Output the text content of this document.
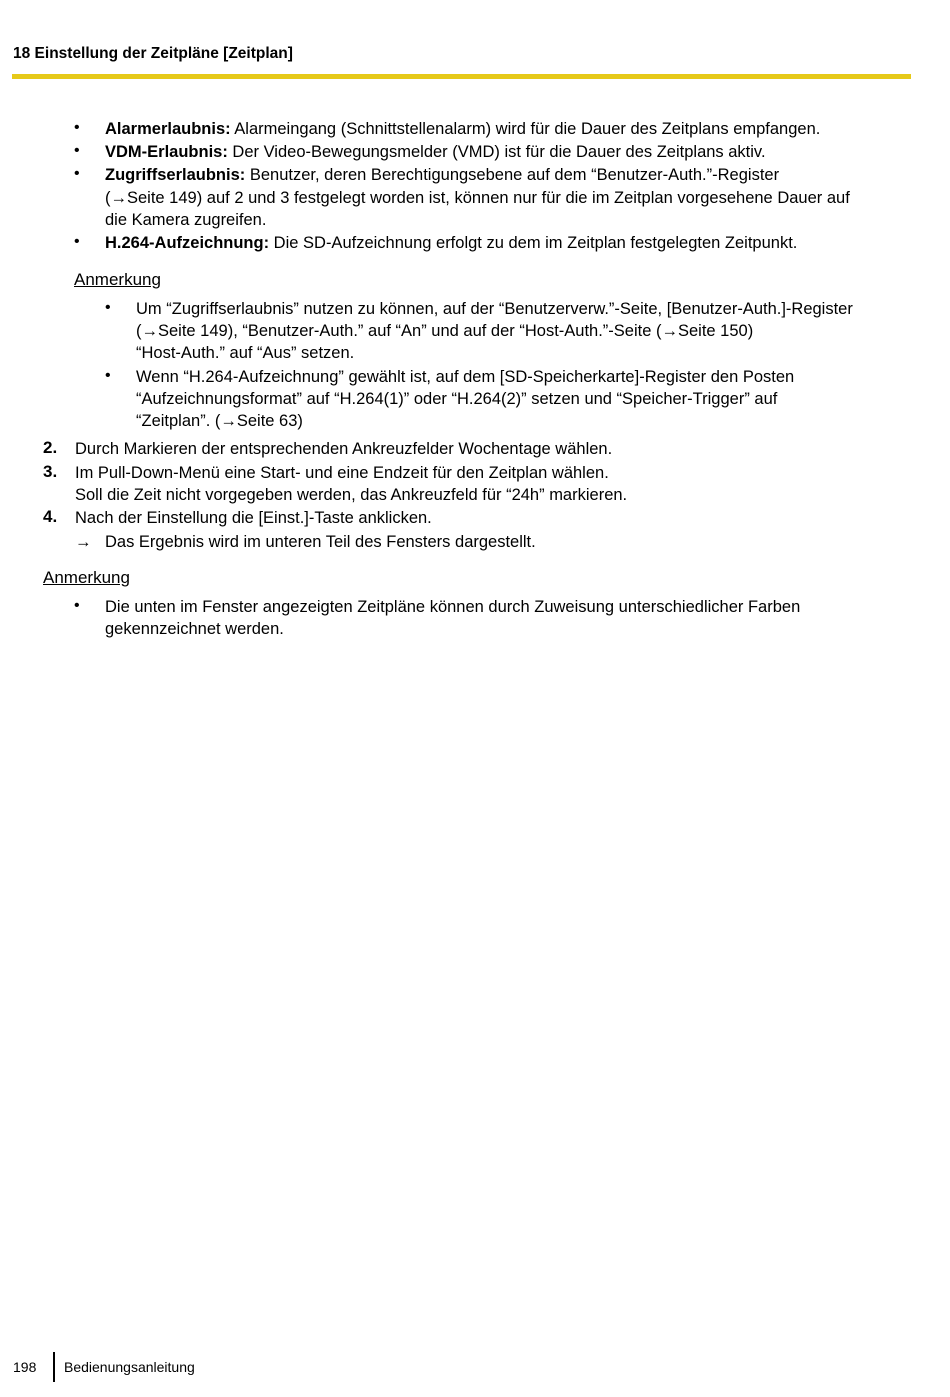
18 Einstellung der Zeitpläne [Zeitplan]
• Alarmerlaubnis: Alarmeingang (Schnittstellenalarm) wird für die Dauer des Zeitplans empfangen.
• VDM-Erlaubnis: Der Video-Bewegungsmelder (VMD) ist für die Dauer des Zeitplans aktiv.
• Zugriffserlaubnis: Benutzer, deren Berechtigungsebene auf dem “Benutzer-Auth.”-Register
(→Seite 149) auf 2 und 3 festgelegt worden ist, können nur für die im Zeitplan vorgesehene Dauer auf
die Kamera zugreifen.
• H.264-Aufzeichnung: Die SD-Aufzeichnung erfolgt zu dem im Zeitplan festgelegten Zeitpunkt.
Anmerkung
• Um “Zugriffserlaubnis” nutzen zu können, auf der “Benutzerverw.”-Seite, [Benutzer-Auth.]-Register
(→Seite 149), “Benutzer-Auth.” auf “An” und auf der “Host-Auth.”-Seite (→Seite 150)
“Host-Auth.” auf “Aus” setzen.
• Wenn “H.264-Aufzeichnung” gewählt ist, auf dem [SD-Speicherkarte]-Register den Posten
“Aufzeichnungsformat” auf “H.264(1)” oder “H.264(2)” setzen und “Speicher-Trigger” auf
“Zeitplan”. (→Seite 63)
2. Durch Markieren der entsprechenden Ankreuzfelder Wochentage wählen.
3. Im Pull-Down-Menü eine Start- und eine Endzeit für den Zeitplan wählen.
Soll die Zeit nicht vorgegeben werden, das Ankreuzfeld für “24h” markieren.
4. Nach der Einstellung die [Einst.]-Taste anklicken.
→ Das Ergebnis wird im unteren Teil des Fensters dargestellt.
Anmerkung
• Die unten im Fenster angezeigten Zeitpläne können durch Zuweisung unterschiedlicher Farben
gekennzeichnet werden.
198 Bedienungsanleitung
